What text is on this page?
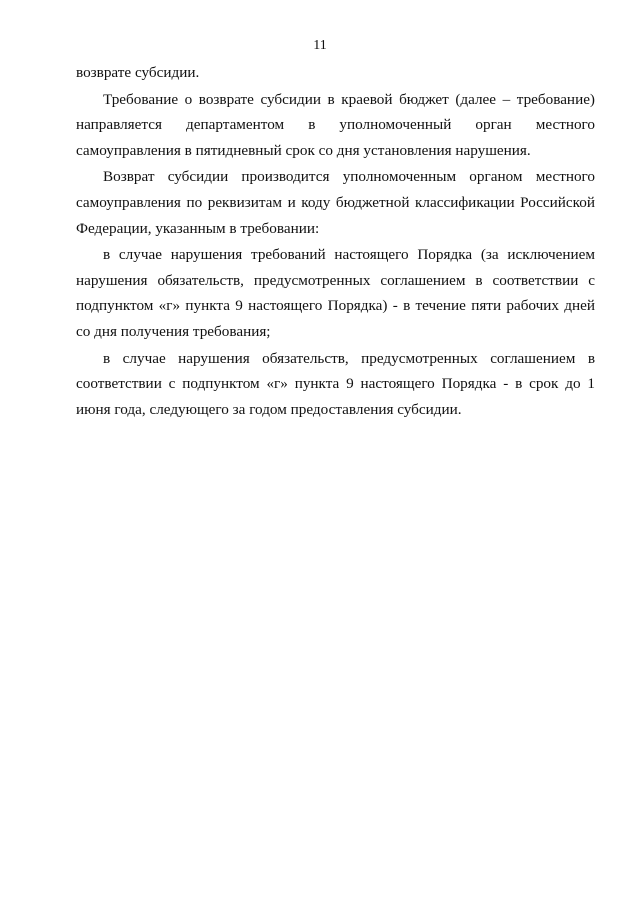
11

возврате субсидии.

Требование о возврате субсидии в краевой бюджет (далее – требование) направляется департаментом в уполномоченный орган местного самоуправления в пятидневный срок со дня установления нарушения.

Возврат субсидии производится уполномоченным органом местного самоуправления по реквизитам и коду бюджетной классификации Российской Федерации, указанным в требовании:

в случае нарушения требований настоящего Порядка (за исключением нарушения обязательств, предусмотренных соглашением в соответствии с подпунктом «г» пункта 9 настоящего Порядка) - в течение пяти рабочих дней со дня получения требования;

в случае нарушения обязательств, предусмотренных соглашением в соответствии с подпунктом «г» пункта 9 настоящего Порядка - в срок до 1 июня года, следующего за годом предоставления субсидии.
